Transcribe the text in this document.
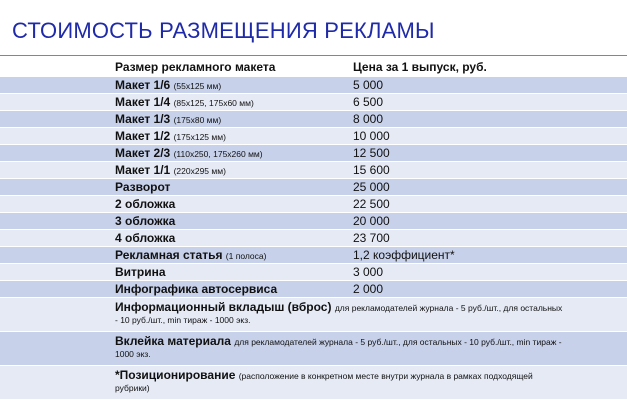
СТОИМОСТЬ РАЗМЕЩЕНИЯ РЕКЛАМЫ
Размер рекламного макета	Цена за 1 выпуск, руб.
Макет 1/6 (55х125 мм)	5 000
Макет 1/4 (85х125, 175х60 мм)	6 500
Макет 1/3 (175х80 мм)	8 000
Макет 1/2 (175х125 мм)	10 000
Макет 2/3 (110х250, 175х260 мм)	12 500
Макет 1/1 (220х295 мм)	15 600
Разворот	25 000
2 обложка	22 500
3 обложка	20 000
4 обложка	23 700
Рекламная статья (1 полоса)	1,2 коэффициент*
Витрина	3 000
Инфографика автосервиса	2 000
Информационный вкладыш (вброс) для рекламодателей журнала - 5 руб./шт., для остальных - 10 руб./шт., min тираж - 1000 экз.	
Вклейка материала для рекламодателей журнала - 5 руб./шт., для остальных - 10 руб./шт., min тираж - 1000 экз.	
*Позиционирование (расположение в конкретном месте внутри журнала в рамках подходящей рубрики)	
